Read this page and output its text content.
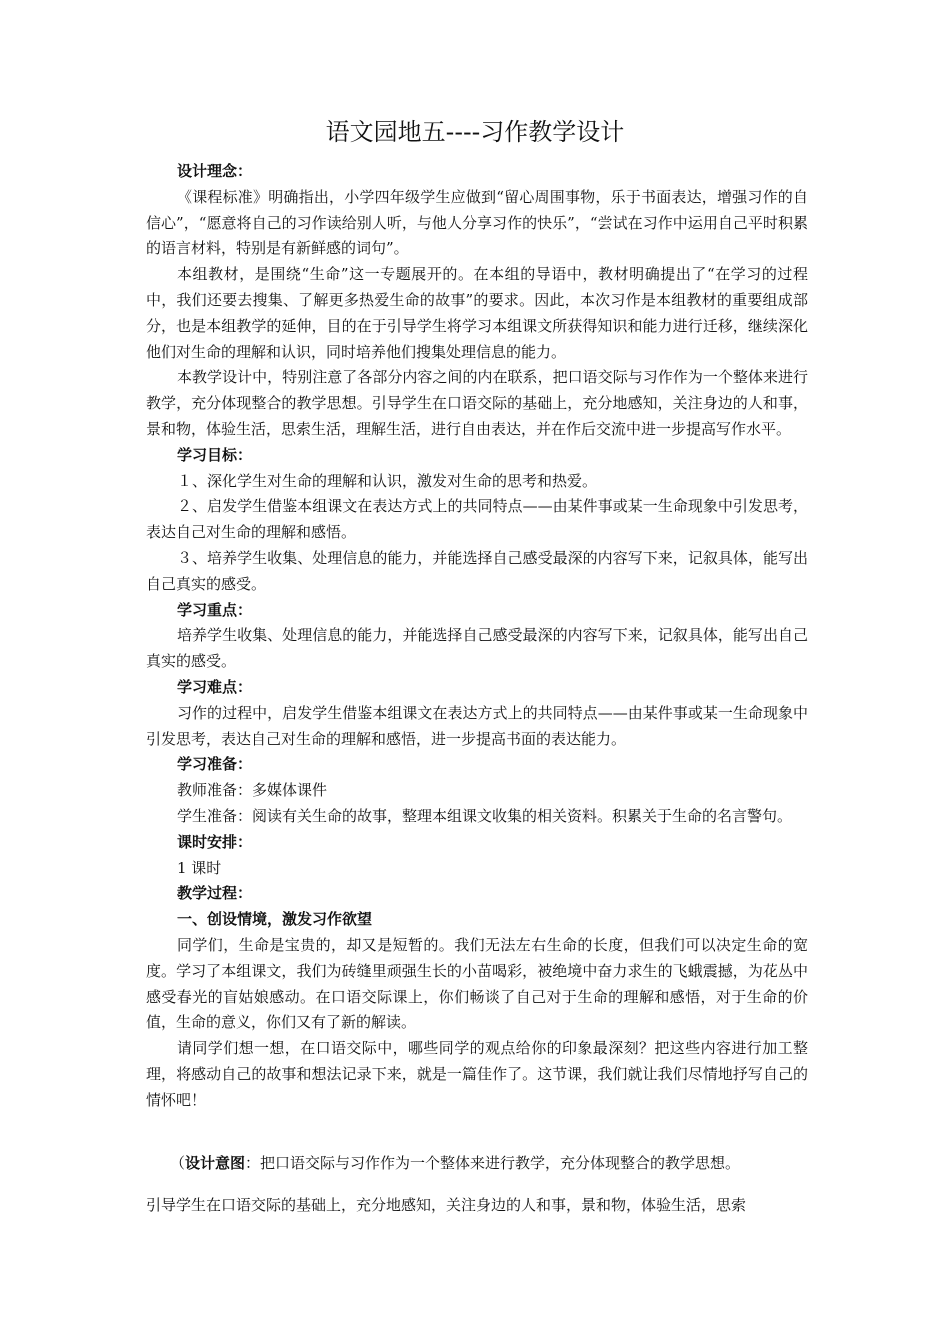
语文园地五----习作教学设计

设计理念：

《课程标准》明确指出，小学四年级学生应做到“留心周围事物，乐于书面表达，增强习作的自信心”，“愿意将自己的习作读给别人听，与他人分享习作的快乐”，“尝试在习作中运用自己平时积累的语言材料，特别是有新鲜感的词句”。

本组教材，是围绕“生命”这一专题展开的。在本组的导语中，教材明确提出了“在学习的过程中，我们还要去搜集、了解更多热爱生命的故事”的要求。因此，本次习作是本组教材的重要组成部分，也是本组教学的延伸，目的在于引导学生将学习本组课文所获得知识和能力进行迁移，继续深化他们对生命的理解和认识，同时培养他们搜集处理信息的能力。

本教学设计中，特别注意了各部分内容之间的内在联系，把口语交际与习作作为一个整体来进行教学，充分体现整合的教学思想。引导学生在口语交际的基础上，充分地感知，关注身边的人和事，景和物，体验生活，思索生活，理解生活，进行自由表达，并在作后交流中进一步提高写作水平。

学习目标：

１、深化学生对生命的理解和认识，激发对生命的思考和热爱。

２、启发学生借鉴本组课文在表达方式上的共同特点——由某件事或某一生命现象中引发思考，表达自己对生命的理解和感悟。

３、培养学生收集、处理信息的能力，并能选择自己感受最深的内容写下来，记叙具体，能写出自己真实的感受。

学习重点：

培养学生收集、处理信息的能力，并能选择自己感受最深的内容写下来，记叙具体，能写出自己真实的感受。

学习难点：

习作的过程中，启发学生借鉴本组课文在表达方式上的共同特点——由某件事或某一生命现象中引发思考，表达自己对生命的理解和感悟，进一步提高书面的表达能力。

学习准备：

教师准备：多媒体课件

学生准备：阅读有关生命的故事，整理本组课文收集的相关资料。积累关于生命的名言警句。

课时安排：

1 课时

教学过程：

一、创设情境，激发习作欲望

同学们，生命是宝贵的，却又是短暂的。我们无法左右生命的长度，但我们可以决定生命的宽度。学习了本组课文，我们为砖缝里顽强生长的小苗喝彩，被绝境中奋力求生的飞蛾震撼，为花丛中感受春光的盲姑娘感动。在口语交际课上，你们畅谈了自己对于生命的理解和感悟，对于生命的价值，生命的意义，你们又有了新的解读。

请同学们想一想，在口语交际中，哪些同学的观点给你的印象最深刻？把这些内容进行加工整理，将感动自己的故事和想法记录下来，就是一篇佳作了。这节课，我们就让我们尽情地抒写自己的情怀吧！

（设计意图：把口语交际与习作作为一个整体来进行教学，充分体现整合的教学思想。

引导学生在口语交际的基础上，充分地感知，关注身边的人和事，景和物，体验生活，思索
